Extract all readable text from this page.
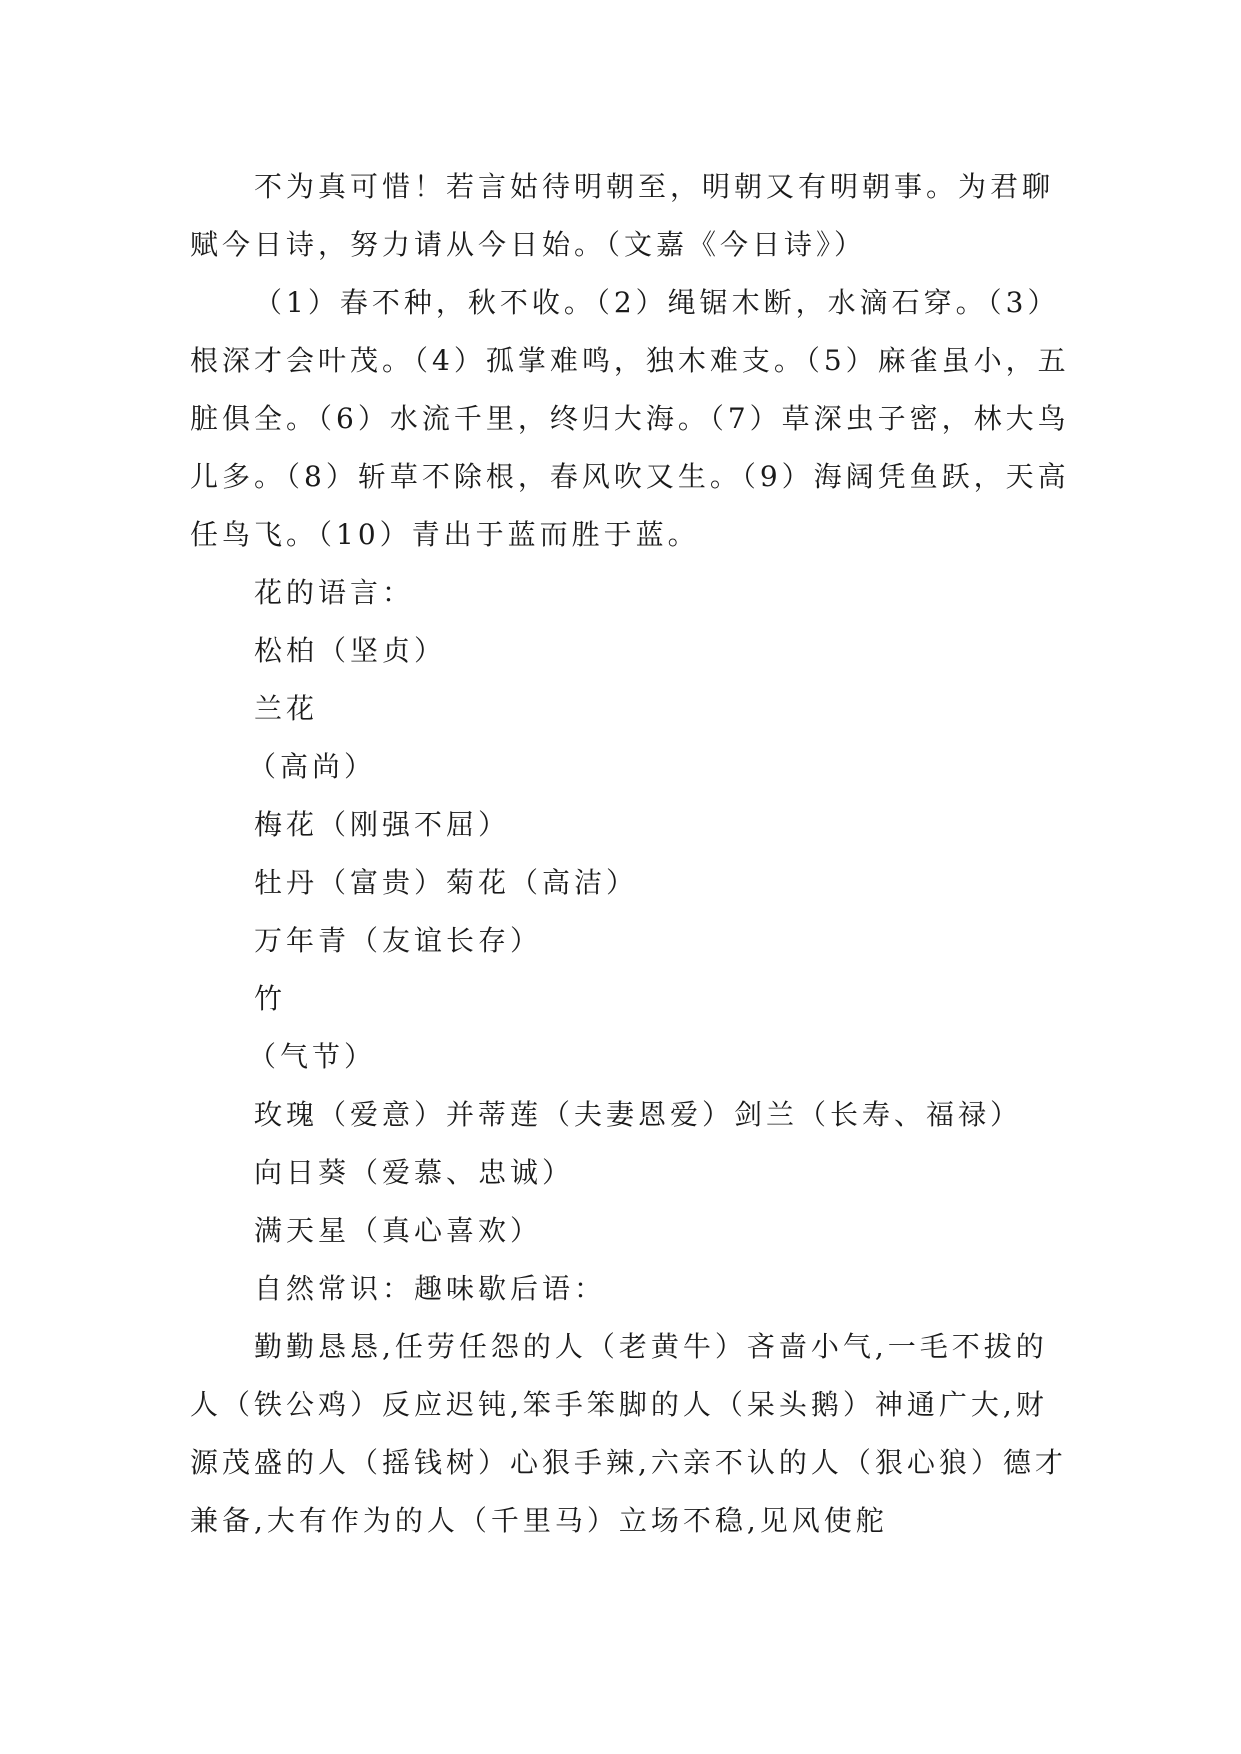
不为真可惜！若言姑待明朝至，明朝又有明朝事。为君聊赋今日诗，努力请从今日始。（文嘉《今日诗》）

（1）春不种，秋不收。（2）绳锯木断，水滴石穿。（3）根深才会叶茂。（4）孤掌难鸣，独木难支。（5）麻雀虽小，五脏俱全。（6）水流千里，终归大海。（7）草深虫子密，林大鸟儿多。（8）斩草不除根，春风吹又生。（9）海阔凭鱼跃，天高任鸟飞。（10）青出于蓝而胜于蓝。

花的语言：

松柏（坚贞）

兰花

（高尚）

梅花（刚强不屈）

牡丹（富贵）菊花（高洁）

万年青（友谊长存）

竹

（气节）

玫瑰（爱意）并蒂莲（夫妻恩爱）剑兰（长寿、福禄）

向日葵（爱慕、忠诚）

满天星（真心喜欢）

自然常识：趣味歇后语：

勤勤恳恳,任劳任怨的人（老黄牛）吝啬小气,一毛不拔的人（铁公鸡）反应迟钝,笨手笨脚的人（呆头鹅）神通广大,财源茂盛的人（摇钱树）心狠手辣,六亲不认的人（狠心狼）德才兼备,大有作为的人（千里马）立场不稳,见风使舵
